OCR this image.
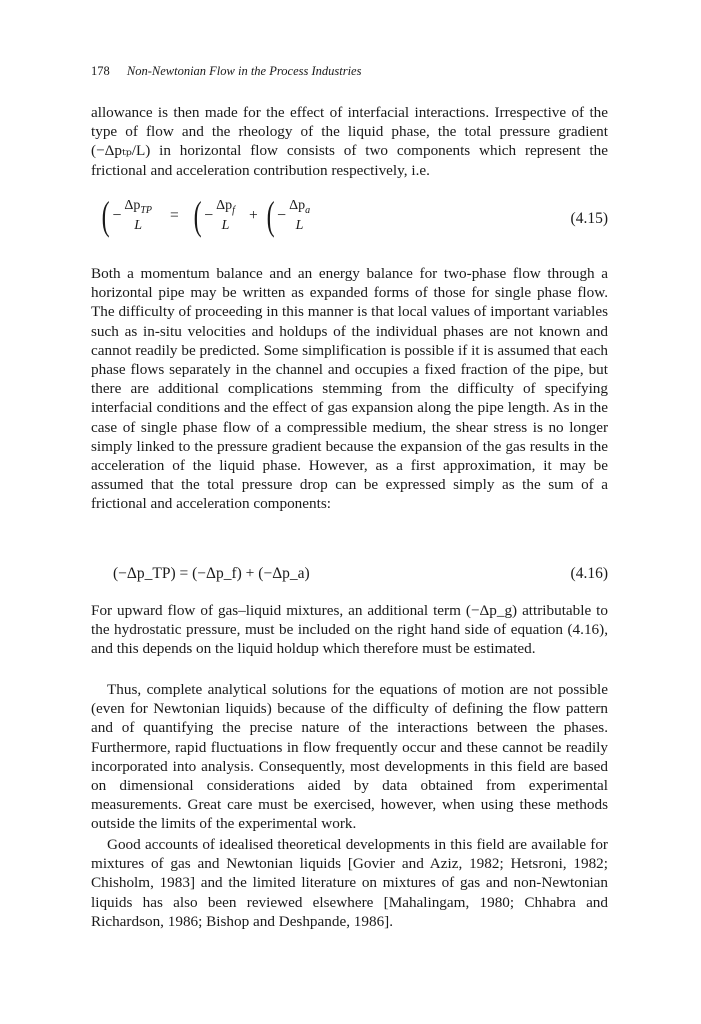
178 Non-Newtonian Flow in the Process Industries

allowance is then made for the effect of interfacial interactions. Irrespective of the type of flow and the rheology of the liquid phase, the total pressure gradient (−Δpₜₚ/L) in horizontal flow consists of two components which represent the frictional and acceleration contribution respectively, i.e.

( −
$\Delta p_{TP}$
L
= ( −
$\Delta p_f$
L
+ ( −
$\Delta p_a$
L	(4.15)

Both a momentum balance and an energy balance for two-phase flow through a horizontal pipe may be written as expanded forms of those for single phase flow. The difficulty of proceeding in this manner is that local values of important variables such as in-situ velocities and holdups of the individual phases are not known and cannot readily be predicted. Some simplification is possible if it is assumed that each phase flows separately in the channel and occupies a fixed fraction of the pipe, but there are additional complications stemming from the difficulty of specifying interfacial conditions and the effect of gas expansion along the pipe length. As in the case of single phase flow of a compressible medium, the shear stress is no longer simply linked to the pressure gradient because the expansion of the gas results in the acceleration of the liquid phase. However, as a first approximation, it may be assumed that the total pressure drop can be expressed simply as the sum of a frictional and acceleration components:

(−Δp_TP) = (−Δp_f) + (−Δp_a)	(4.16)

For upward flow of gas–liquid mixtures, an additional term (−Δp_g) attributable to the hydrostatic pressure, must be included on the right hand side of equation (4.16), and this depends on the liquid holdup which therefore must be estimated.

Thus, complete analytical solutions for the equations of motion are not possible (even for Newtonian liquids) because of the difficulty of defining the flow pattern and of quantifying the precise nature of the interactions between the phases. Furthermore, rapid fluctuations in flow frequently occur and these cannot be readily incorporated into analysis. Consequently, most developments in this field are based on dimensional considerations aided by data obtained from experimental measurements. Great care must be exercised, however, when using these methods outside the limits of the experimental work.

Good accounts of idealised theoretical developments in this field are available for mixtures of gas and Newtonian liquids [Govier and Aziz, 1982; Hetsroni, 1982; Chisholm, 1983] and the limited literature on mixtures of gas and non-Newtonian liquids has also been reviewed elsewhere [Mahalingam, 1980; Chhabra and Richardson, 1986; Bishop and Deshpande, 1986].
